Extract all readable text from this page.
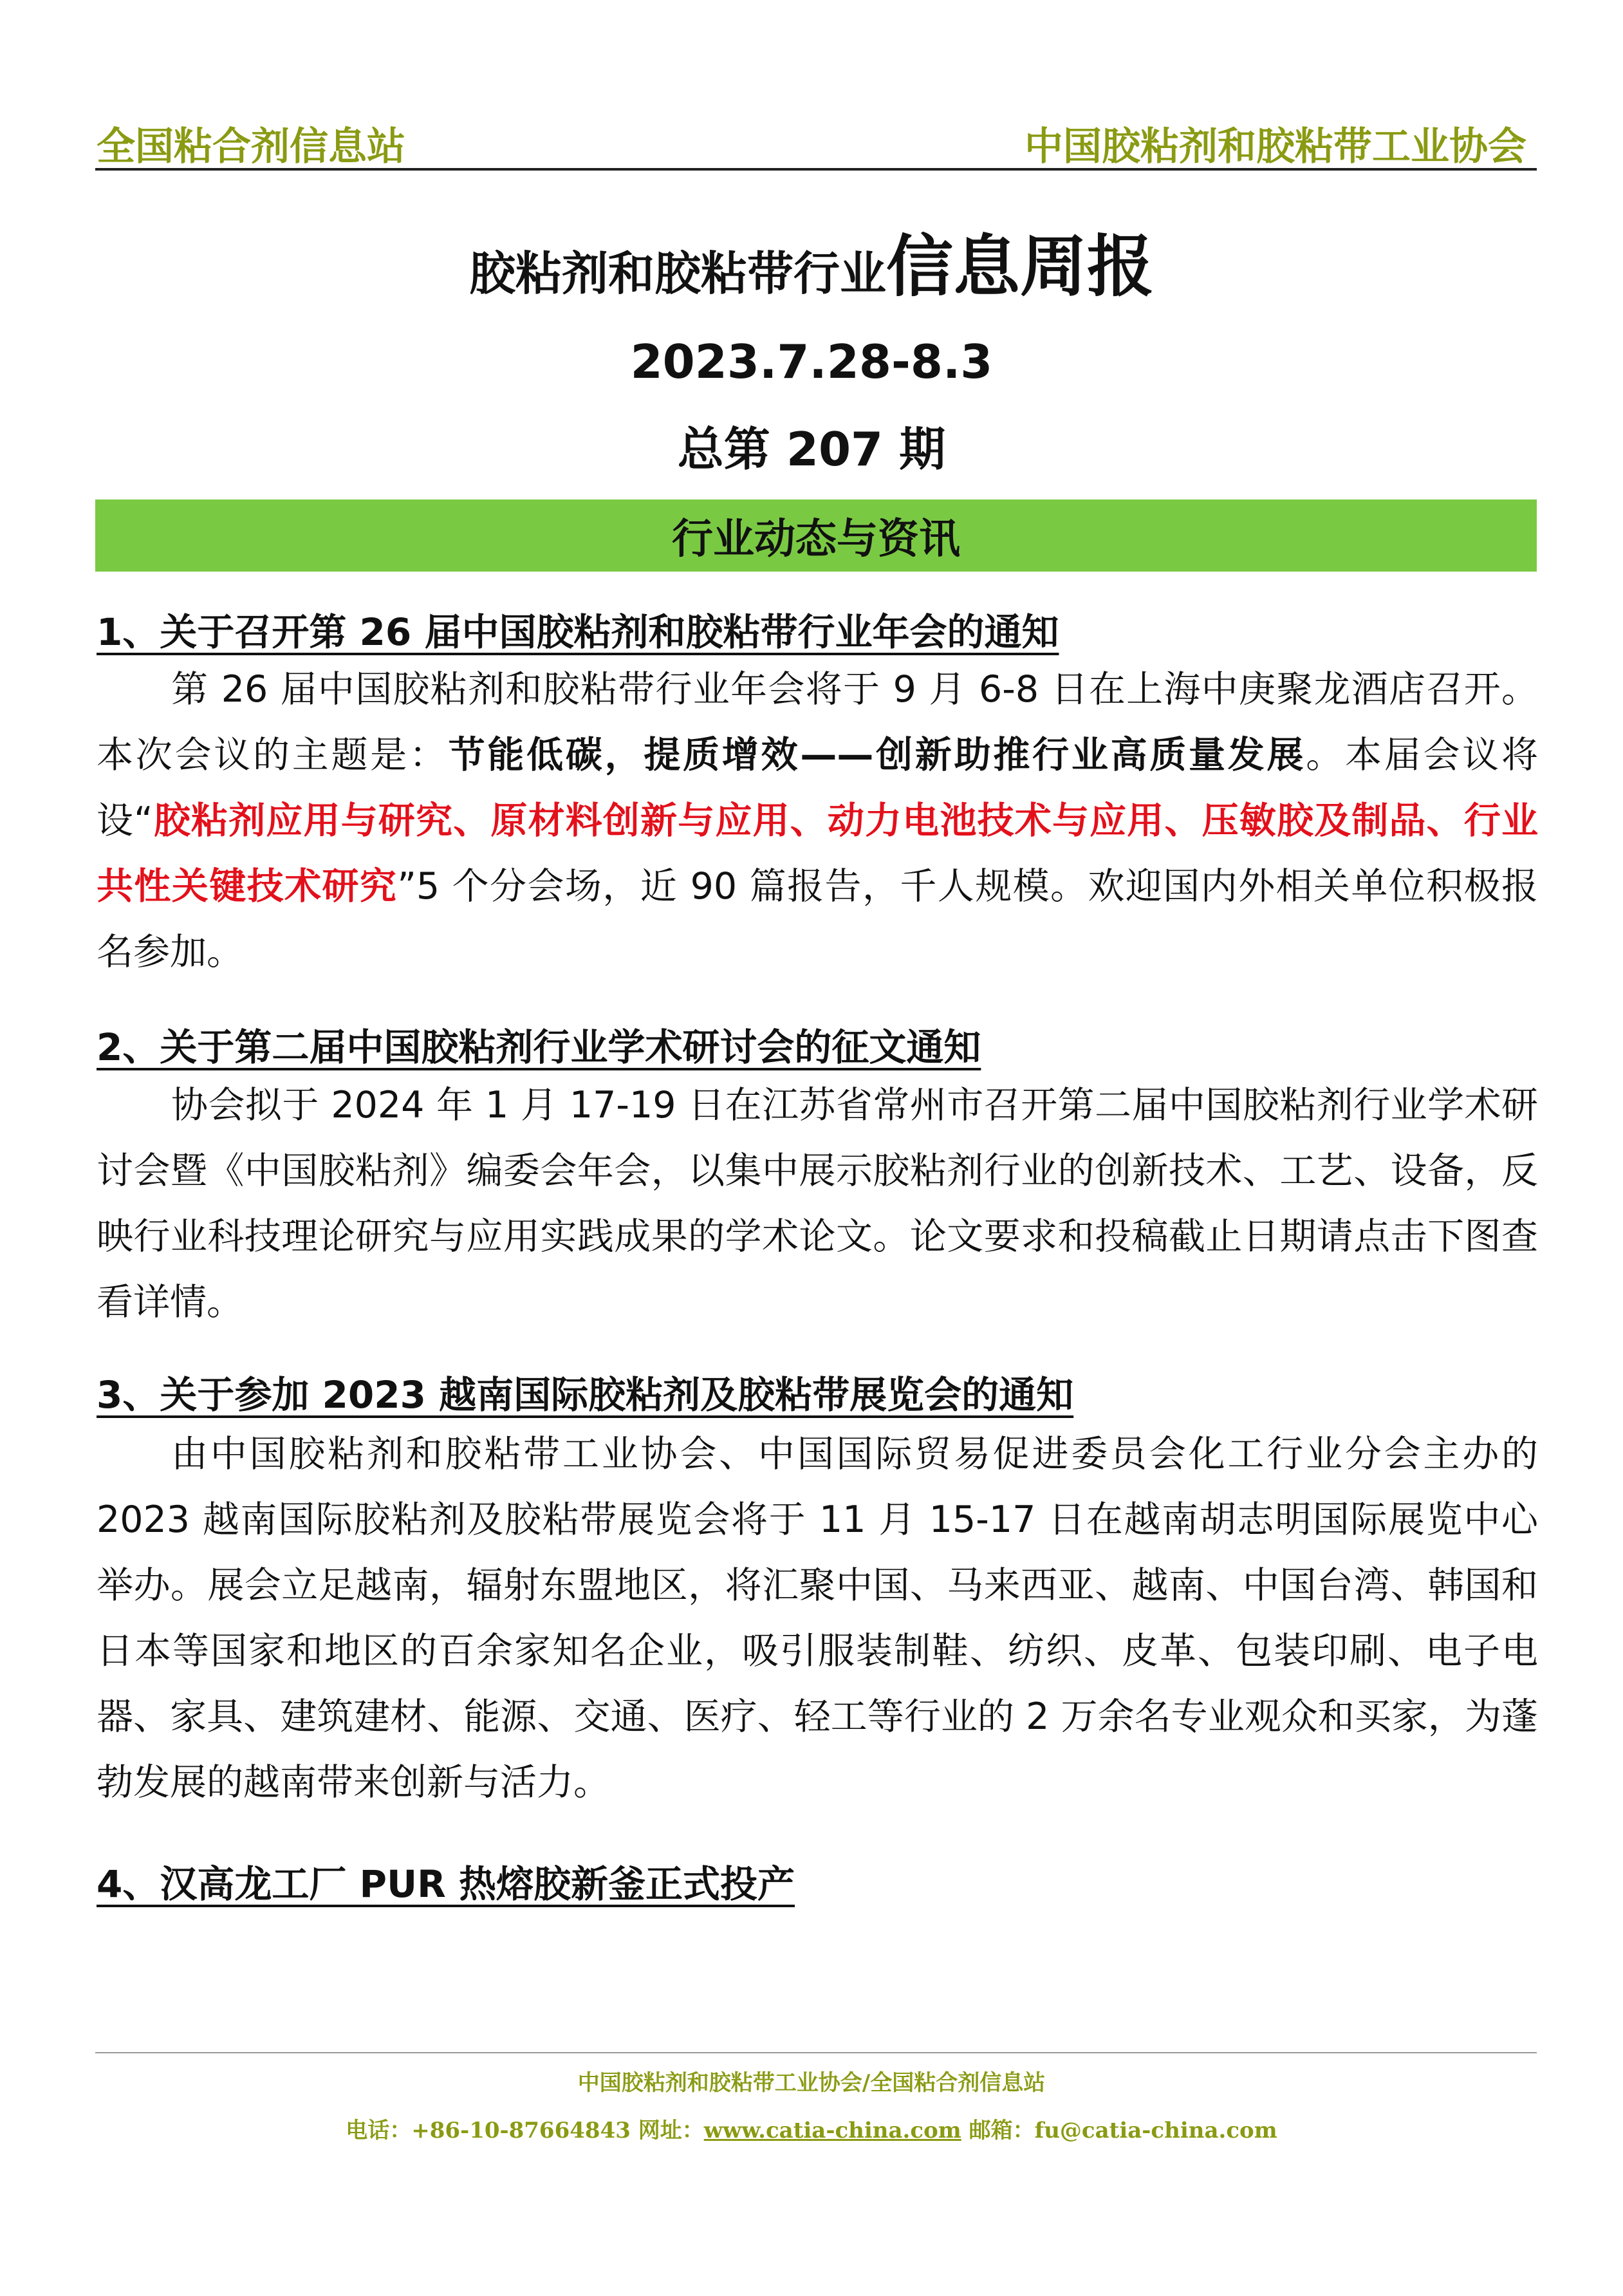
全国粘合剂信息站	中国胶粘剂和胶粘带工业协会
胶粘剂和胶粘带行业信息周报
2023.7.28-8.3
总第 207 期
行业动态与资讯
1、关于召开第 26 届中国胶粘剂和胶粘带行业年会的通知
第 26 届中国胶粘剂和胶粘带行业年会将于 9 月 6-8 日在上海中庚聚龙酒店召开。本次会议的主题是：节能低碳，提质增效——创新助推行业高质量发展。本届会议将设“胶粘剂应用与研究、原材料创新与应用、动力电池技术与应用、压敏胶及制品、行业共性关键技术研究”5 个分会场，近 90 篇报告，千人规模。欢迎国内外相关单位积极报名参加。
2、关于第二届中国胶粘剂行业学术研讨会的征文通知
协会拟于 2024 年 1 月 17-19 日在江苏省常州市召开第二届中国胶粘剂行业学术研讨会暨《中国胶粘剂》编委会年会，以集中展示胶粘剂行业的创新技术、工艺、设备，反映行业科技理论研究与应用实践成果的学术论文。论文要求和投稿截止日期请点击下图查看详情。
3、关于参加 2023 越南国际胶粘剂及胶粘带展览会的通知
由中国胶粘剂和胶粘带工业协会、中国国际贸易促进委员会化工行业分会主办的 2023 越南国际胶粘剂及胶粘带展览会将于 11 月 15-17 日在越南胡志明国际展览中心举办。展会立足越南，辐射东盟地区，将汇聚中国、马来西亚、越南、中国台湾、韩国和日本等国家和地区的百余家知名企业，吸引服装制鞋、纺织、皮革、包装印刷、电子电器、家具、建筑建材、能源、交通、医疗、轻工等行业的 2 万余名专业观众和买家，为蓬勃发展的越南带来创新与活力。
4、汉高龙工厂 PUR 热熔胶新釜正式投产
中国胶粘剂和胶粘带工业协会/全国粘合剂信息站
电话：+86-10-87664843 网址：www.catia-china.com 邮箱：fu@catia-china.com
